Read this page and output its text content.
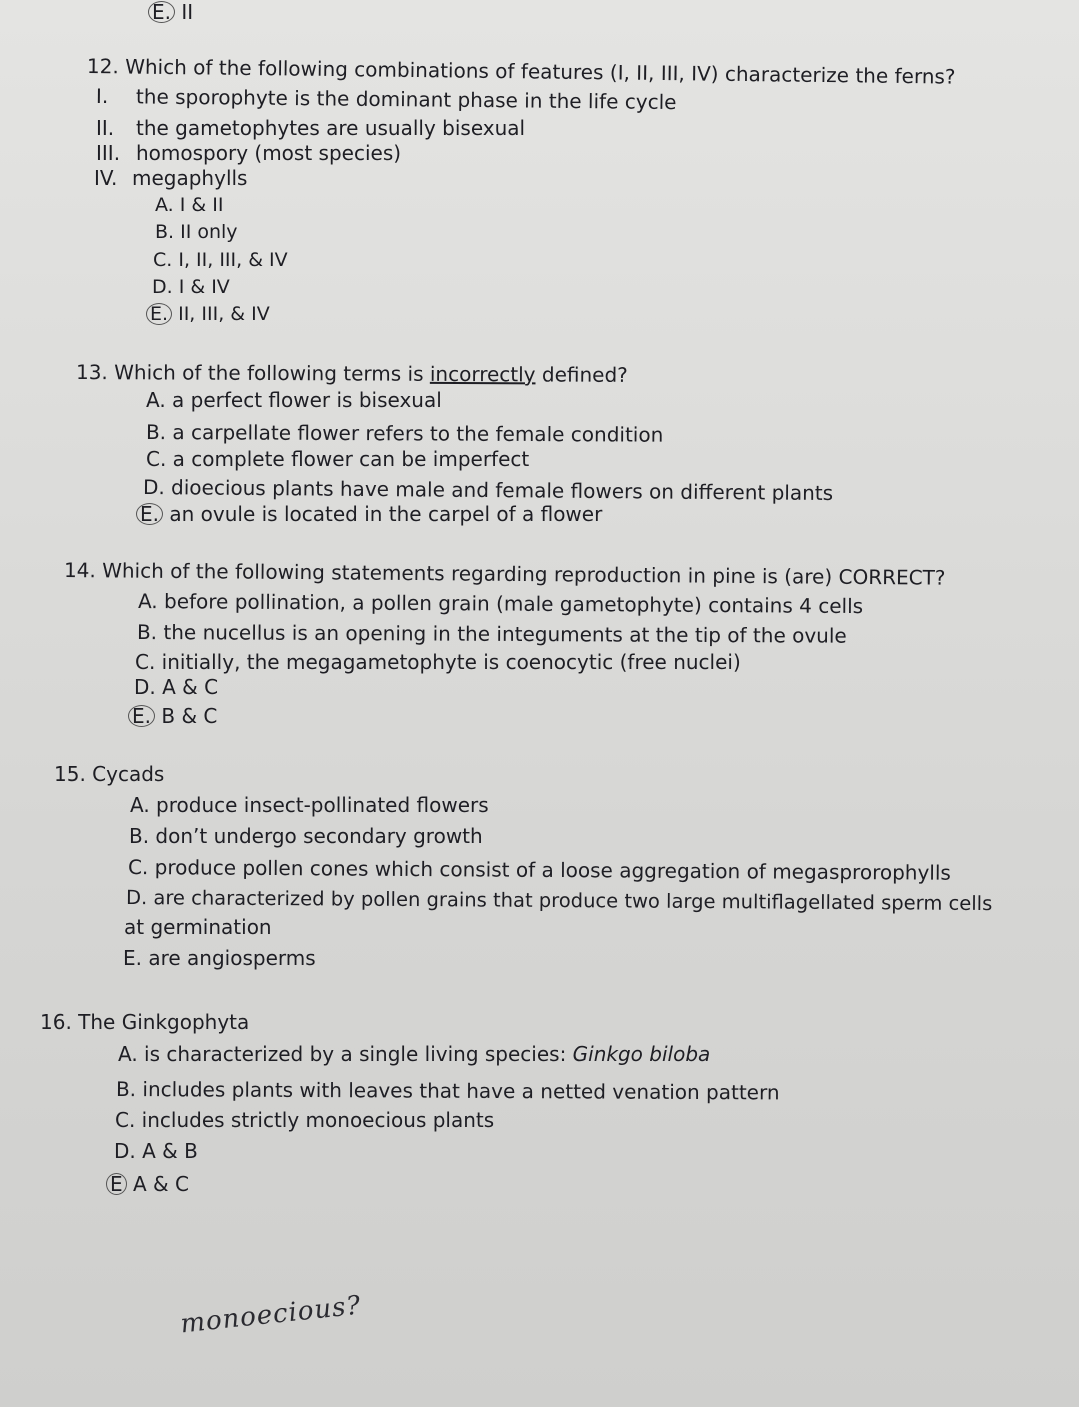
E. II
12. Which of the following combinations of features (I, II, III, IV) characterize the ferns?
I. the sporophyte is the dominant phase in the life cycle
II. the gametophytes are usually bisexual
III. homospory (most species)
IV. megaphylls
A. I & II
B. II only
C. I, II, III, & IV
D. I & IV
E. II, III, & IV
13. Which of the following terms is incorrectly defined?
A. a perfect flower is bisexual
B. a carpellate flower refers to the female condition
C. a complete flower can be imperfect
D. dioecious plants have male and female flowers on different plants
E. an ovule is located in the carpel of a flower
14. Which of the following statements regarding reproduction in pine is (are) CORRECT?
A. before pollination, a pollen grain (male gametophyte) contains 4 cells
B. the nucellus is an opening in the integuments at the tip of the ovule
C. initially, the megagametophyte is coenocytic (free nuclei)
D. A & C
E. B & C
15. Cycads
A. produce insect-pollinated flowers
B. don’t undergo secondary growth
C. produce pollen cones which consist of a loose aggregation of megasprorophylls
D. are characterized by pollen grains that produce two large multiflagellated sperm cells
at germination
E. are angiosperms
16. The Ginkgophyta
A. is characterized by a single living species: Ginkgo biloba
B. includes plants with leaves that have a netted venation pattern
C. includes strictly monoecious plants
D. A & B
E A & C
monoecious?
